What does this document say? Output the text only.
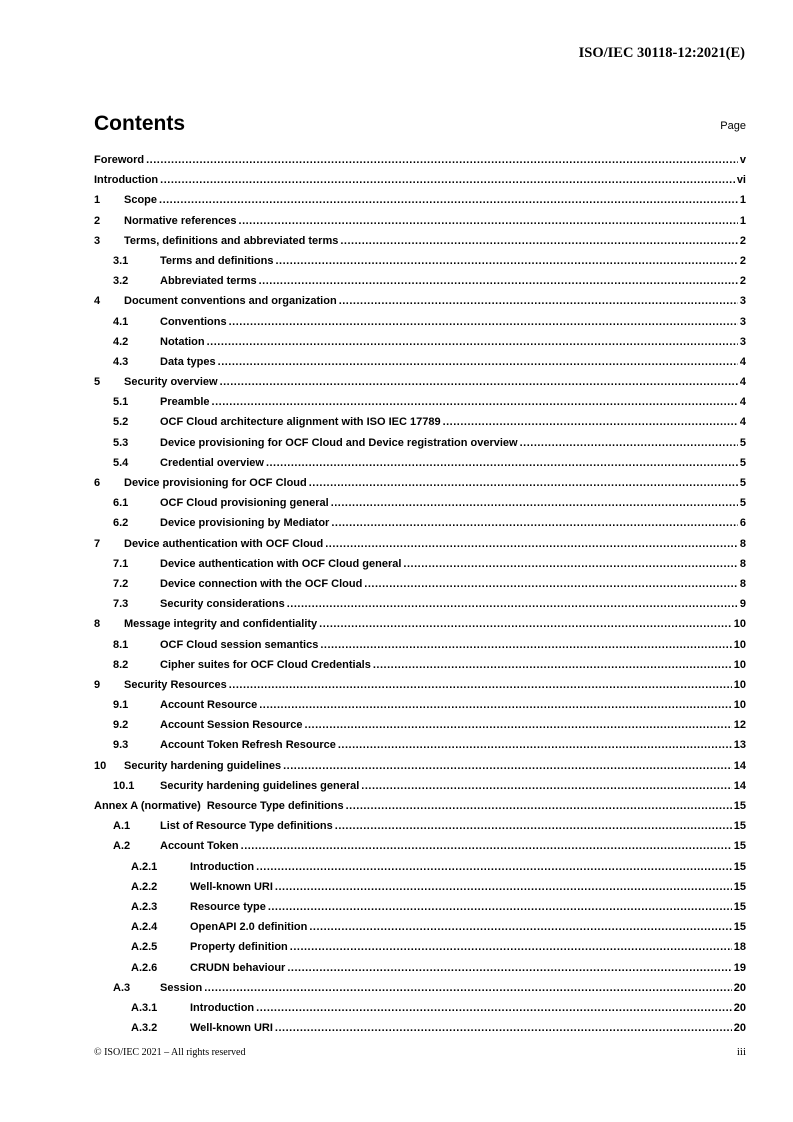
ISO/IEC 30118-12:2021(E)
Contents	Page
Foreword .....	v
Introduction .....	vi
1	Scope .....	1
2	Normative references .....	1
3	Terms, definitions and abbreviated terms .....	2
3.1	Terms and definitions .....	2
3.2	Abbreviated terms .....	2
4	Document conventions and organization .....	3
4.1	Conventions .....	3
4.2	Notation .....	3
4.3	Data types .....	4
5	Security overview .....	4
5.1	Preamble .....	4
5.2	OCF Cloud architecture alignment with ISO IEC 17789 .....	4
5.3	Device provisioning for OCF Cloud and Device registration overview .....	5
5.4	Credential overview .....	5
6	Device provisioning for OCF Cloud .....	5
6.1	OCF Cloud provisioning general .....	5
6.2	Device provisioning by Mediator .....	6
7	Device authentication with OCF Cloud .....	8
7.1	Device authentication with OCF Cloud general .....	8
7.2	Device connection with the OCF Cloud .....	8
7.3	Security considerations .....	9
8	Message integrity and confidentiality .....	10
8.1	OCF Cloud session semantics .....	10
8.2	Cipher suites for OCF Cloud Credentials .....	10
9	Security Resources .....	10
9.1	Account Resource .....	10
9.2	Account Session Resource .....	12
9.3	Account Token Refresh Resource .....	13
10	Security hardening guidelines .....	14
10.1	Security hardening guidelines general .....	14
Annex A (normative)  Resource Type definitions .....	15
A.1	List of Resource Type definitions .....	15
A.2	Account Token .....	15
A.2.1	Introduction .....	15
A.2.2	Well-known URI .....	15
A.2.3	Resource type .....	15
A.2.4	OpenAPI 2.0 definition .....	15
A.2.5	Property definition .....	18
A.2.6	CRUDN behaviour .....	19
A.3	Session .....	20
A.3.1	Introduction .....	20
A.3.2	Well-known URI .....	20
© ISO/IEC 2021 – All rights reserved	iii
